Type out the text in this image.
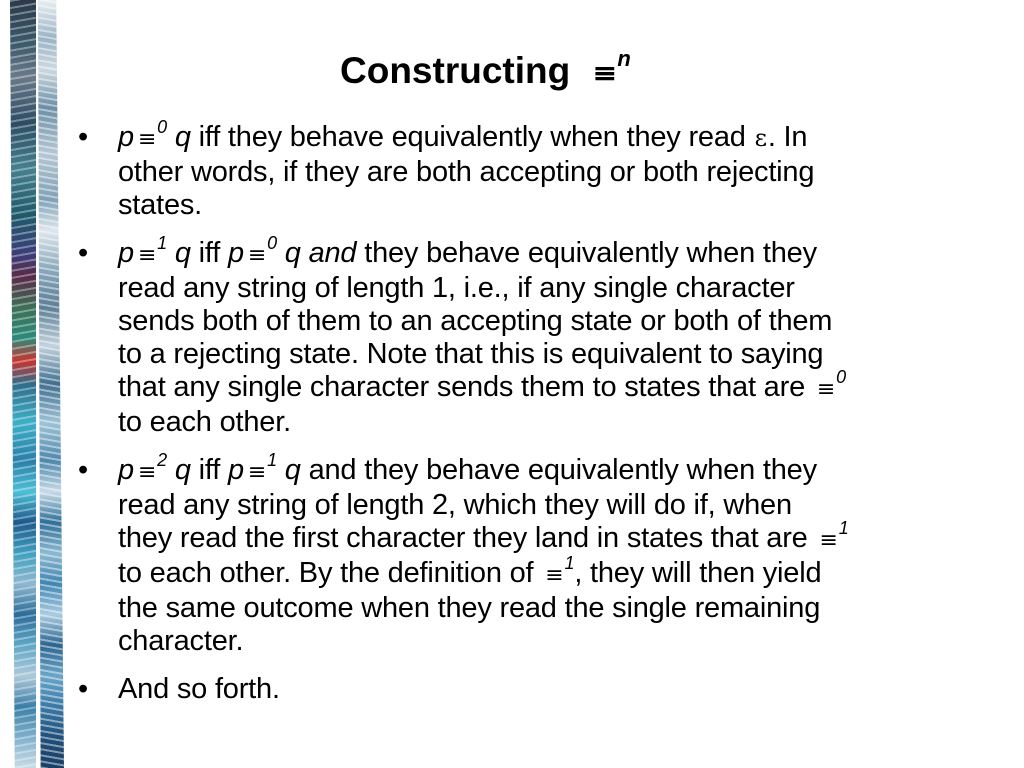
Constructing ≡$^n$
• p ≡$^0$ q iff they behave equivalently when they read ε. In
other words, if they are both accepting or both rejecting
states.
• p ≡$^1$ q iff p ≡$^0$ q and they behave equivalently when they
read any string of length 1, i.e., if any single character
sends both of them to an accepting state or both of them
to a rejecting state. Note that this is equivalent to saying
that any single character sends them to states that are ≡$^0$
to each other.
• p ≡$^2$ q iff p ≡$^1$ q and they behave equivalently when they
read any string of length 2, which they will do if, when
they read the first character they land in states that are ≡$^1$
to each other. By the definition of ≡$^1$, they will then yield
the same outcome when they read the single remaining
character.
• And so forth.
